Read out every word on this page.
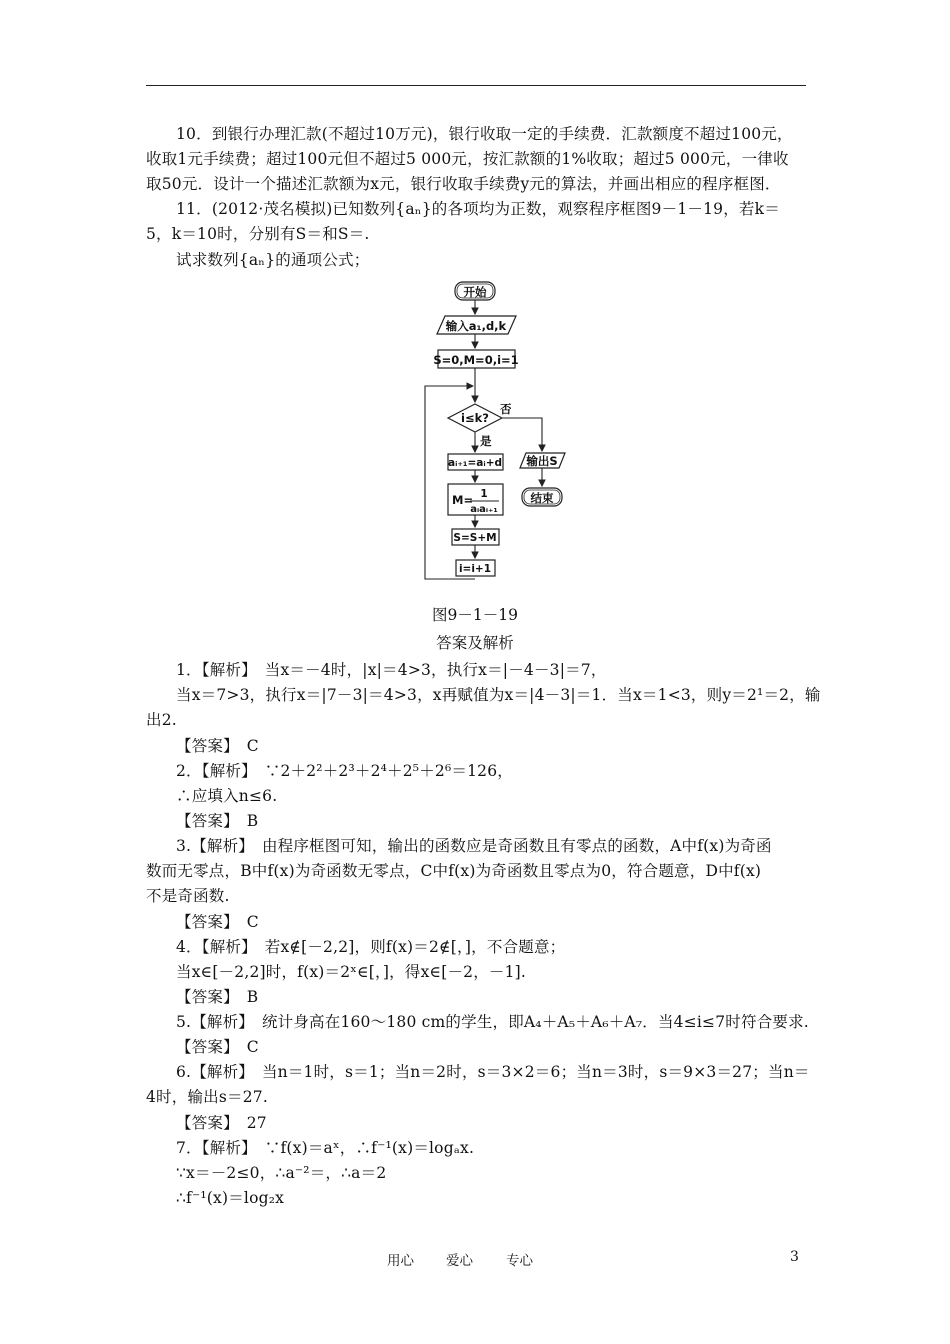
10．到银行办理汇款(不超过10万元)，银行收取一定的手续费．汇款额度不超过100元，
收取1元手续费；超过100元但不超过5 000元，按汇款额的1%收取；超过5 000元，一律收
取50元．设计一个描述汇款额为x元，银行收取手续费y元的算法，并画出相应的程序框图．
11．(2012·茂名模拟)已知数列{aₙ}的各项均为正数，观察程序框图9－1－19，若k＝
5，k＝10时，分别有S＝和S＝.
试求数列{aₙ}的通项公式；
开始
输入a₁,d,k
S=0,M=0,i=1
i≤k?
否
是
输出S
结束
aᵢ₊₁=aᵢ+d
M= 1
aᵢaᵢ₊₁
S=S+M
i=i+1
图9－1－19
答案及解析
1．【解析】　当x＝－4时，|x|＝4>3，执行x＝|－4－3|＝7，
当x＝7>3，执行x＝|7－3|＝4>3，x再赋值为x＝|4－3|＝1．当x＝1<3，则y＝2¹＝2，输
出2.
【答案】　C
2．【解析】　∵2＋2²＋2³＋2⁴＋2⁵＋2⁶＝126，
∴应填入n≤6.
【答案】　B
3.【解析】　由程序框图可知，输出的函数应是奇函数且有零点的函数，A中f(x)为奇函
数而无零点，B中f(x)为奇函数无零点，C中f(x)为奇函数且零点为0，符合题意，D中f(x)
不是奇函数.
【答案】　C
4．【解析】　若x∉[－2,2]，则f(x)＝2∉[，]，不合题意；
当x∈[－2,2]时，f(x)＝2ˣ∈[，]，得x∈[－2，－1].
【答案】　B
5.【解析】　统计身高在160～180 cm的学生，即A₄＋A₅＋A₆＋A₇．当4≤i≤7时符合要求.
【答案】　C
6.【解析】　当n＝1时，s＝1；当n＝2时，s＝3×2＝6；当n＝3时，s＝9×3＝27；当n＝
4时，输出s＝27.
【答案】　27
7．【解析】　∵f(x)＝aˣ，∴f⁻¹(x)＝logₐx.
∵x＝－2≤0，∴a⁻²＝，∴a＝2
∴f⁻¹(x)＝log₂x
用心 爱心 专心	3
